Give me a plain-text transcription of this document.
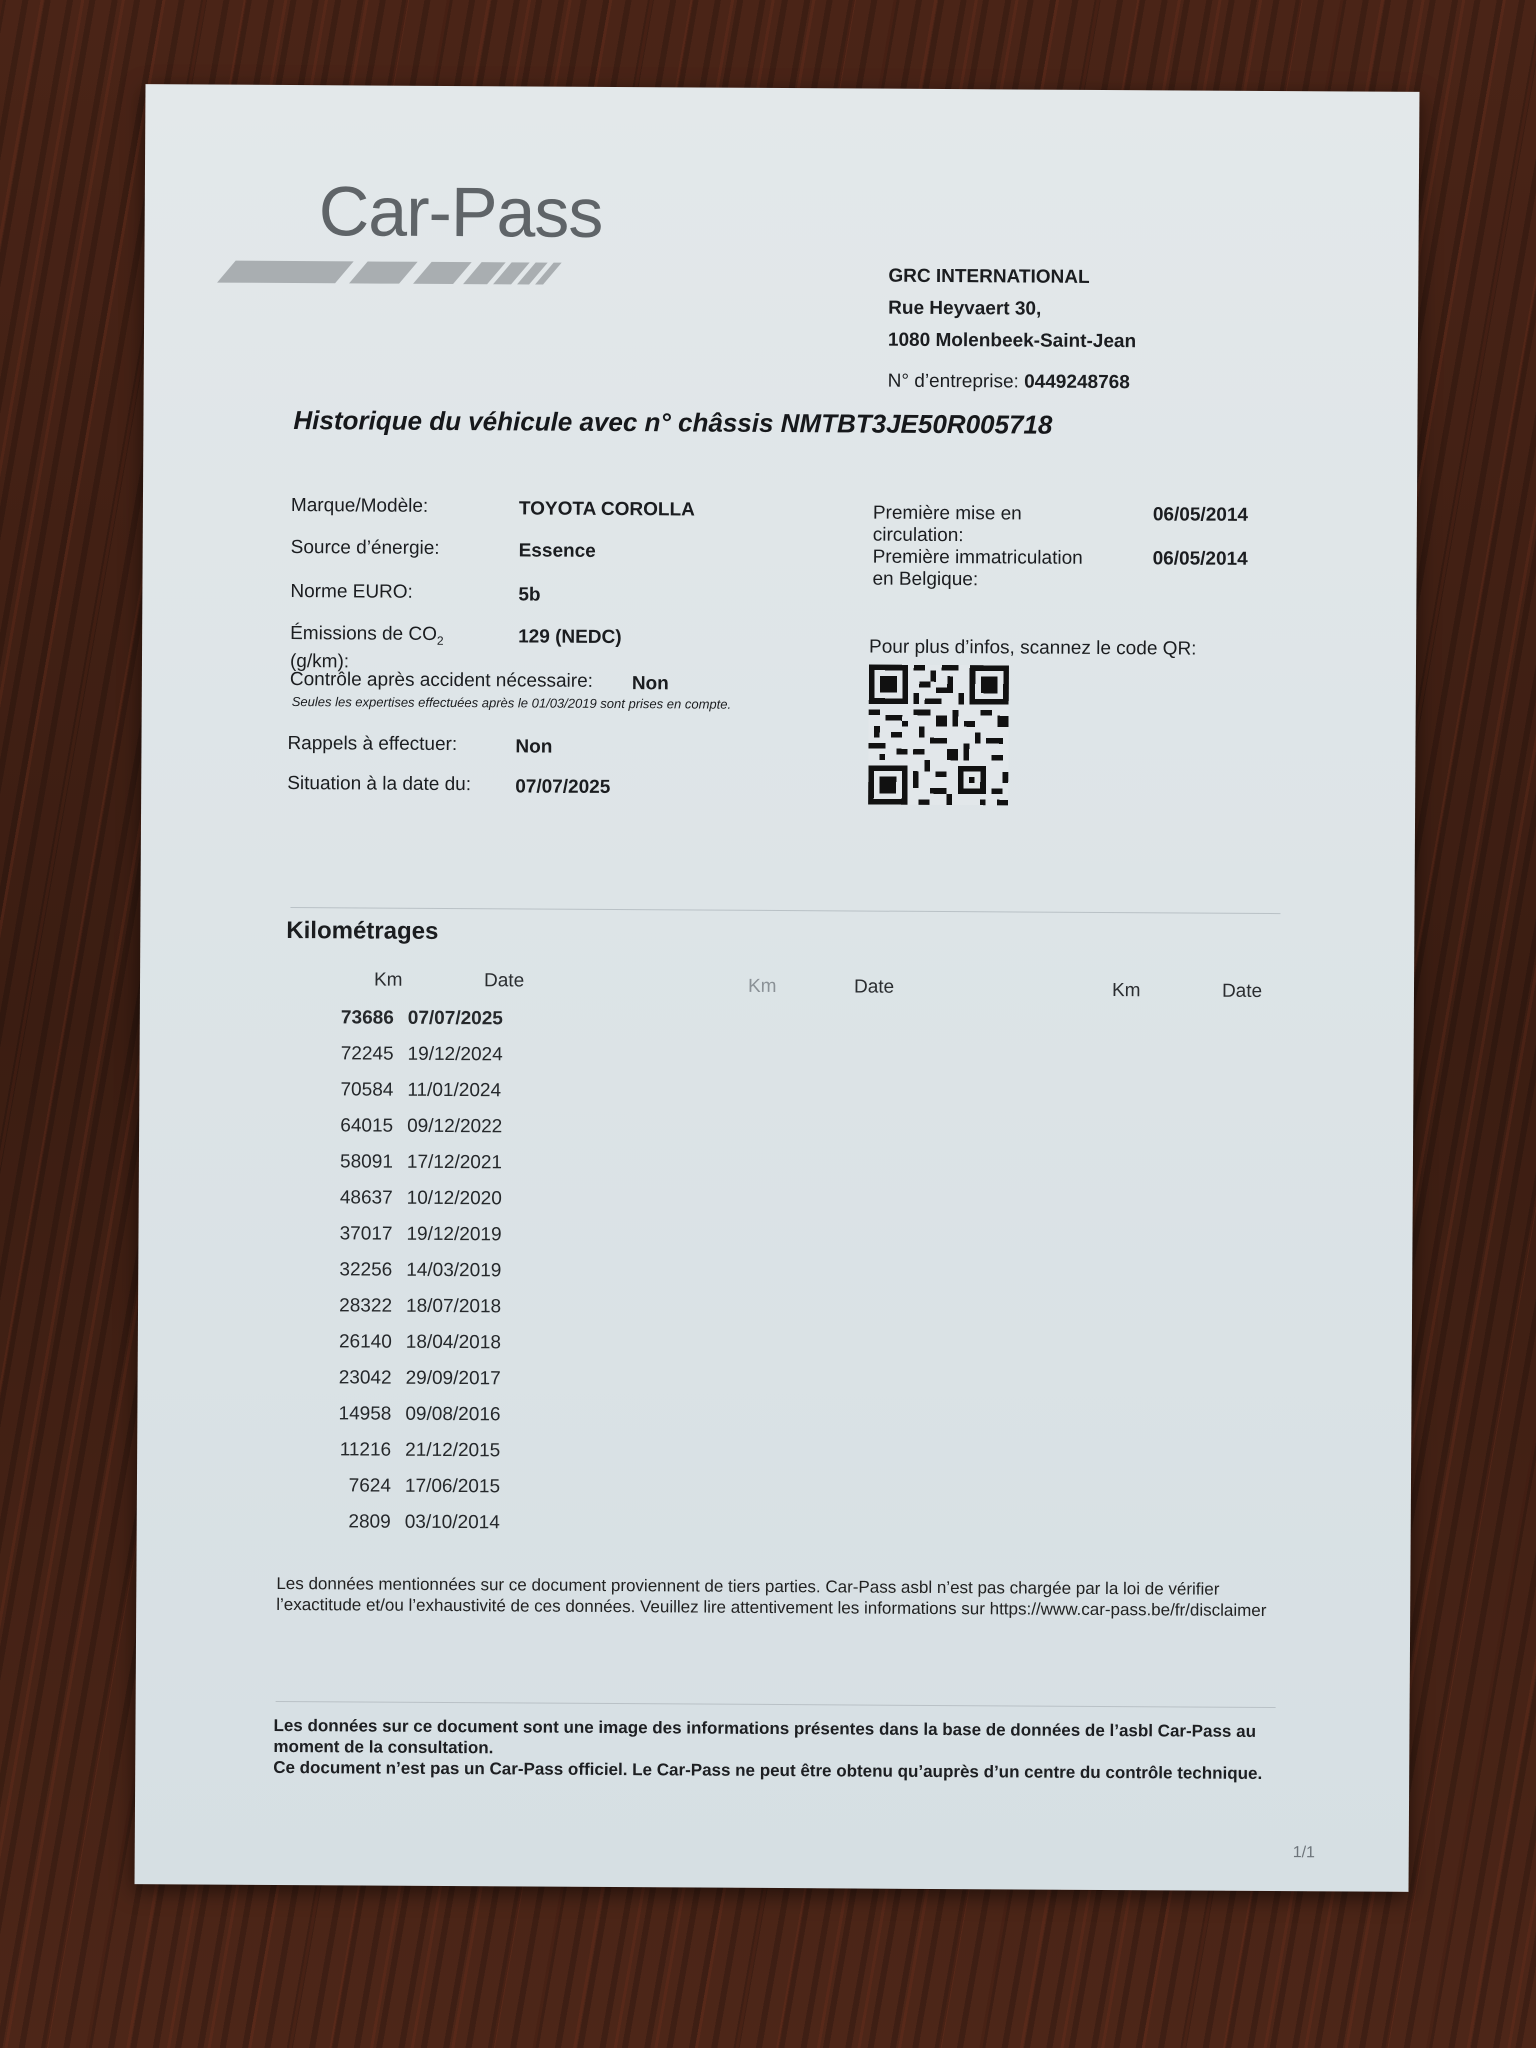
Car-Pass
GRC INTERNATIONAL
Rue Heyvaert 30,
1080 Molenbeek-Saint-Jean
N° d’entreprise: 0449248768
Historique du véhicule avec n° châssis NMTBT3JE50R005718
Marque/Modèle:	TOYOTA COROLLA
Source d’énergie:	Essence
Norme EURO:	5b
Émissions de $CO_2$
(g/km):
129 (NEDC)
Contrôle après accident nécessaire: Non
Seules les expertises effectuées après le 01/03/2019 sont prises en compte.
Rappels à effectuer:	Non
Situation à la date du: 07/07/2025
Première mise en
circulation:
06/05/2014
Première immatriculation
en Belgique:
06/05/2014
Pour plus d’infos, scannez le code QR:
Kilométrages
Km	Date	Km	Date	Km	Date
73686 07/07/2025
72245 19/12/2024
70584 11/01/2024
64015 09/12/2022
58091 17/12/2021
48637 10/12/2020
37017 19/12/2019
32256 14/03/2019
28322 18/07/2018
26140 18/04/2018
23042 29/09/2017
14958 09/08/2016
11216 21/12/2015
7624 17/06/2015
2809 03/10/2014
Les données mentionnées sur ce document proviennent de tiers parties. Car-Pass asbl n’est pas chargée par la loi de vérifier l’exactitude et/ou l’exhaustivité de ces données. Veuillez lire attentivement les informations sur https://www.car-pass.be/fr/disclaimer
Les données sur ce document sont une image des informations présentes dans la base de données de l’asbl Car-Pass au moment de la consultation.
Ce document n’est pas un Car-Pass officiel. Le Car-Pass ne peut être obtenu qu’auprès d’un centre du contrôle technique.
1/1
